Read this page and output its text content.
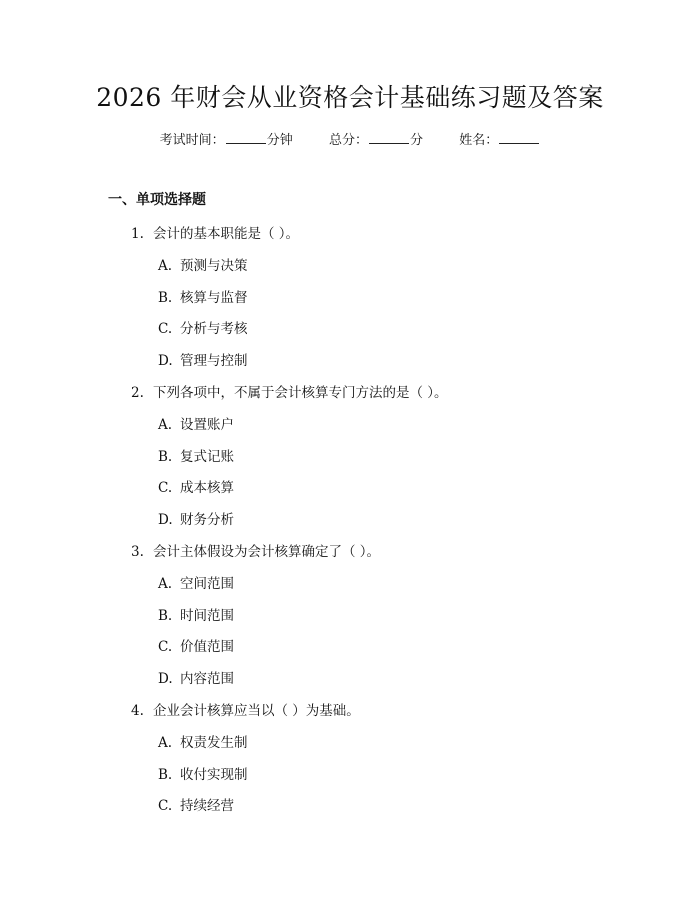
2026 年财会从业资格会计基础练习题及答案
考试时间：	分钟	总分：	分	姓名：
一、单项选择题
1. 会计的基本职能是（ ）。
A. 预测与决策
B. 核算与监督
C. 分析与考核
D. 管理与控制
2. 下列各项中，不属于会计核算专门方法的是（ ）。
A. 设置账户
B. 复式记账
C. 成本核算
D. 财务分析
3. 会计主体假设为会计核算确定了（ ）。
A. 空间范围
B. 时间范围
C. 价值范围
D. 内容范围
4. 企业会计核算应当以（ ）为基础。
A. 权责发生制
B. 收付实现制
C. 持续经营
